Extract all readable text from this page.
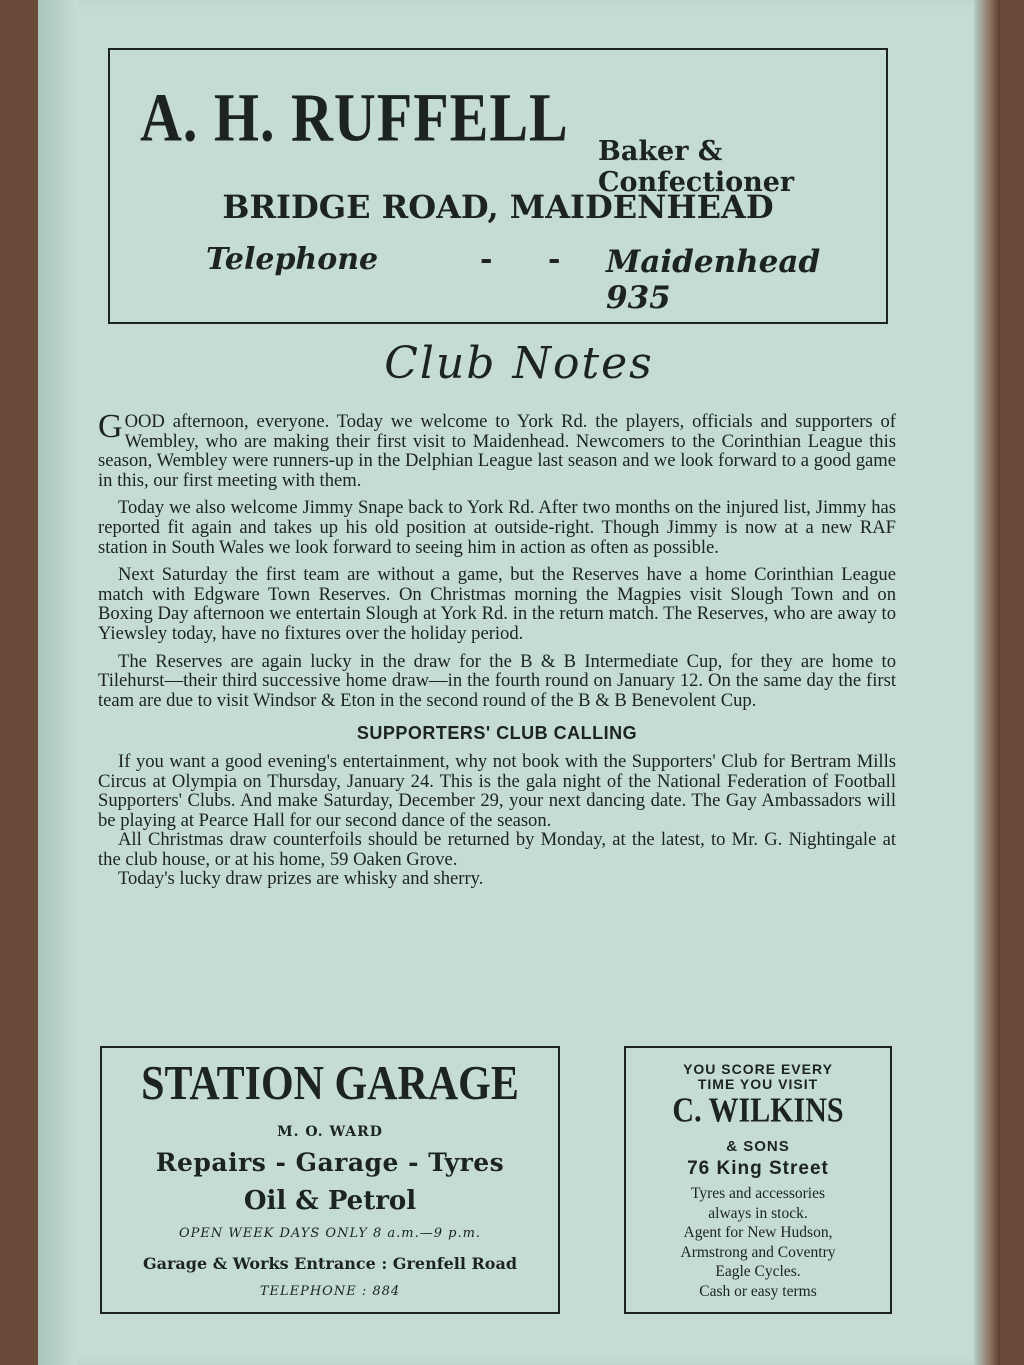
A. H. RUFFELL Baker & Confectioner
BRIDGE ROAD, MAIDENHEAD
Telephone	- - Maidenhead 935
Club Notes

GOOD afternoon, everyone. Today we welcome to York Rd. the players, officials and supporters of Wembley, who are making their first visit to Maidenhead. Newcomers to the Corinthian League this season, Wembley were runners-up in the Delphian League last season and we look forward to a good game in this, our first meeting with them.

Today we also welcome Jimmy Snape back to York Rd. After two months on the injured list, Jimmy has reported fit again and takes up his old position at outside-right. Though Jimmy is now at a new RAF station in South Wales we look forward to seeing him in action as often as possible.

Next Saturday the first team are without a game, but the Reserves have a home Corinthian League match with Edgware Town Reserves. On Christmas morning the Magpies visit Slough Town and on Boxing Day afternoon we entertain Slough at York Rd. in the return match. The Reserves, who are away to Yiewsley today, have no fixtures over the holiday period.

The Reserves are again lucky in the draw for the B & B Intermediate Cup, for they are home to Tilehurst—their third successive home draw—in the fourth round on January 12. On the same day the first team are due to visit Windsor & Eton in the second round of the B & B Benevolent Cup.

SUPPORTERS' CLUB CALLING

If you want a good evening's entertainment, why not book with the Supporters' Club for Bertram Mills Circus at Olympia on Thursday, January 24. This is the gala night of the National Federation of Football Supporters' Clubs. And make Saturday, December 29, your next dancing date. The Gay Ambassadors will be playing at Pearce Hall for our second dance of the season.

All Christmas draw counterfoils should be returned by Monday, at the latest, to Mr. G. Nightingale at the club house, or at his home, 59 Oaken Grove.

Today's lucky draw prizes are whisky and sherry.

STATION GARAGE
M. O. WARD
Repairs - Garage - Tyres
Oil & Petrol
OPEN WEEK DAYS ONLY 8 a.m.—9 p.m.
Garage & Works Entrance : Grenfell Road
TELEPHONE : 884
YOU SCORE EVERY
TIME YOU VISIT
C. WILKINS
& SONS
76 King Street
Tyres and accessories
always in stock.
Agent for New Hudson,
Armstrong and Coventry
Eagle Cycles.
Cash or easy terms
